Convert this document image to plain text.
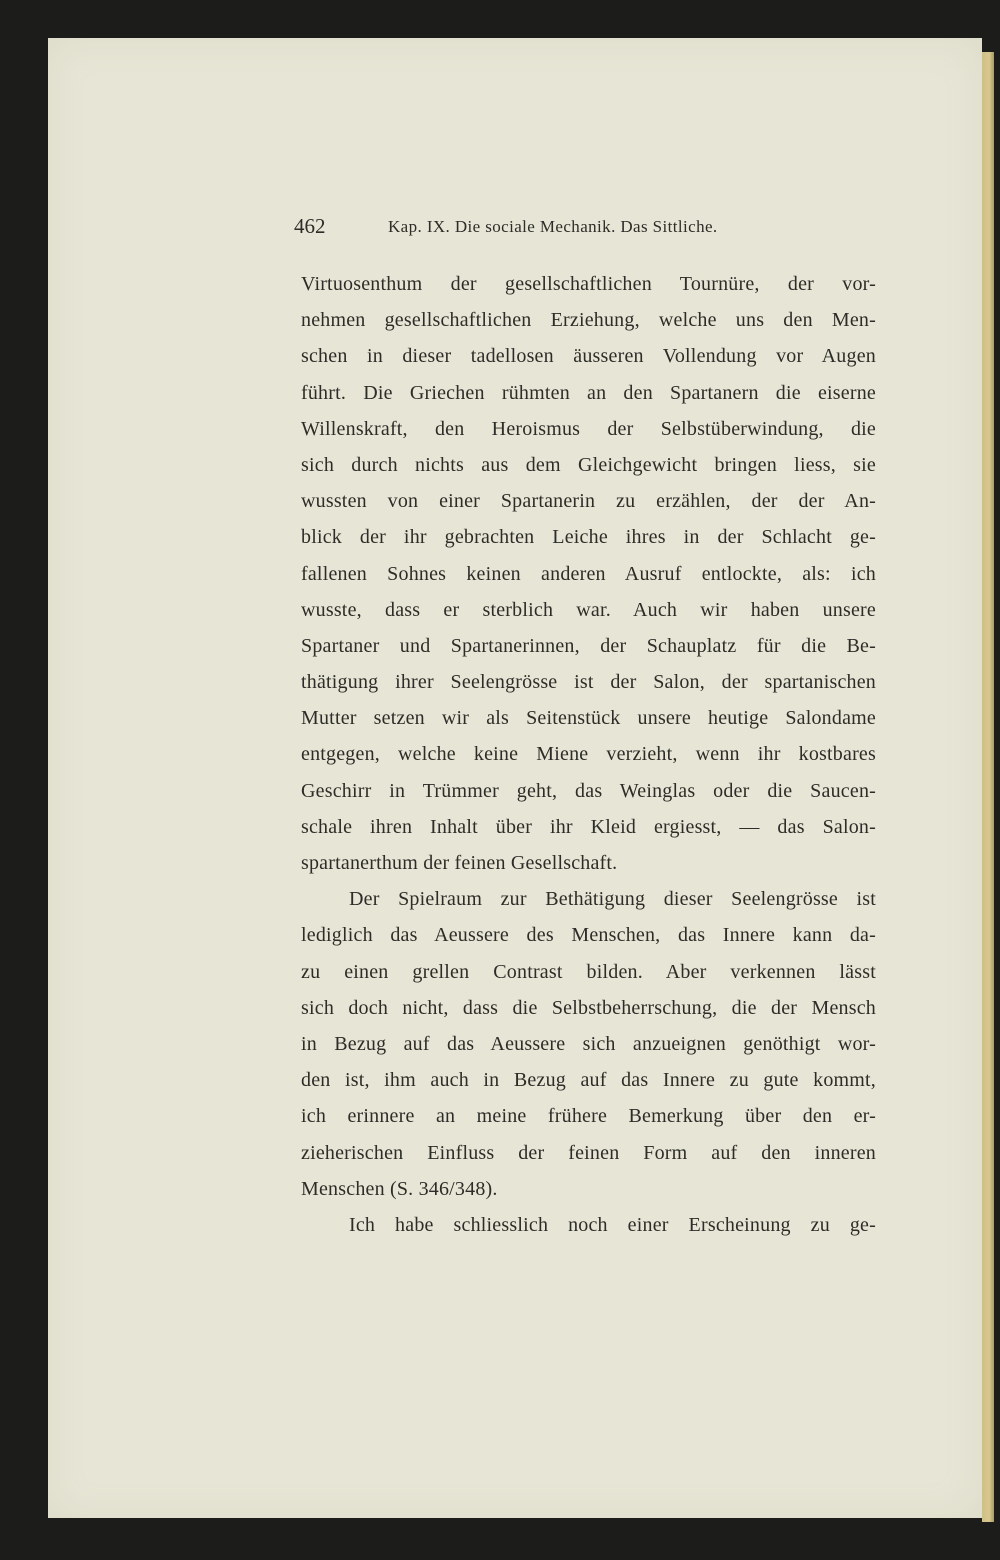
462	Kap. IX. Die sociale Mechanik. Das Sittliche.
Virtuosenthum der gesellschaftlichen Tournüre, der vor-
nehmen gesellschaftlichen Erziehung, welche uns den Men-
schen in dieser tadellosen äusseren Vollendung vor Augen
führt. Die Griechen rühmten an den Spartanern die eiserne
Willenskraft, den Heroismus der Selbstüberwindung, die
sich durch nichts aus dem Gleichgewicht bringen liess, sie
wussten von einer Spartanerin zu erzählen, der der An-
blick der ihr gebrachten Leiche ihres in der Schlacht ge-
fallenen Sohnes keinen anderen Ausruf entlockte, als: ich
wusste, dass er sterblich war. Auch wir haben unsere
Spartaner und Spartanerinnen, der Schauplatz für die Be-
thätigung ihrer Seelengrösse ist der Salon, der spartanischen
Mutter setzen wir als Seitenstück unsere heutige Salondame
entgegen, welche keine Miene verzieht, wenn ihr kostbares
Geschirr in Trümmer geht, das Weinglas oder die Saucen-
schale ihren Inhalt über ihr Kleid ergiesst, — das Salon-
spartanerthum der feinen Gesellschaft.
Der Spielraum zur Bethätigung dieser Seelengrösse ist
lediglich das Aeussere des Menschen, das Innere kann da-
zu einen grellen Contrast bilden. Aber verkennen lässt
sich doch nicht, dass die Selbstbeherrschung, die der Mensch
in Bezug auf das Aeussere sich anzueignen genöthigt wor-
den ist, ihm auch in Bezug auf das Innere zu gute kommt,
ich erinnere an meine frühere Bemerkung über den er-
zieherischen Einfluss der feinen Form auf den inneren
Menschen (S. 346/348).
Ich habe schliesslich noch einer Erscheinung zu ge-
